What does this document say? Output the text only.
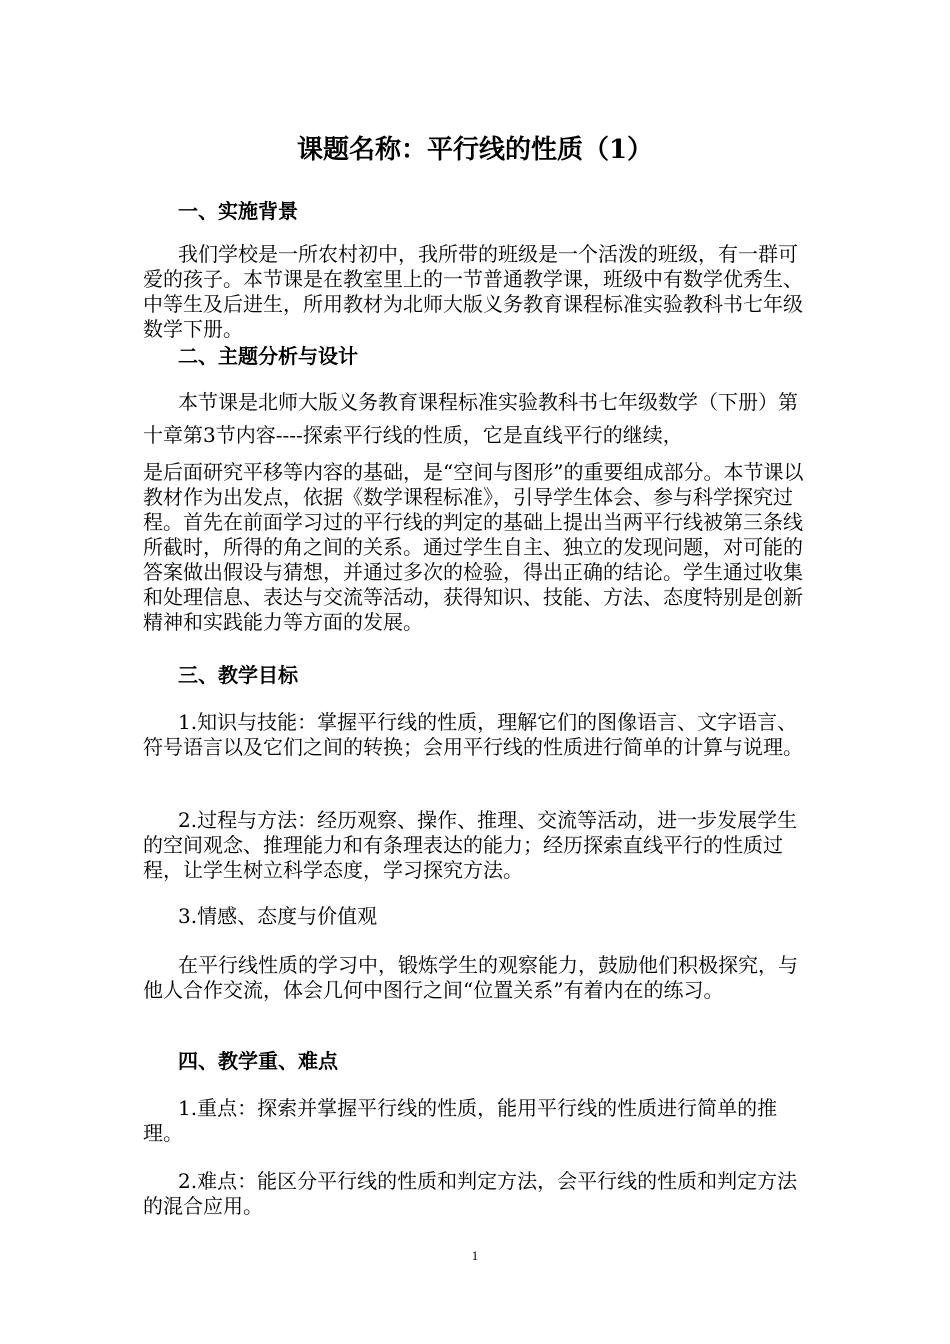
课题名称：平行线的性质（1）
一、实施背景

我们学校是一所农村初中，我所带的班级是一个活泼的班级，有一群可爱的孩子。本节课是在教室里上的一节普通教学课，班级中有数学优秀生、中等生及后进生，所用教材为北师大版义务教育课程标准实验教科书七年级数学下册。

二、主题分析与设计

本节课是北师大版义务教育课程标准实验教科书七年级数学（下册）第十章第3节内容----探索平行线的性质，它是直线平行的继续，

是后面研究平移等内容的基础，是“空间与图形”的重要组成部分。本节课以教材作为出发点，依据《数学课程标准》，引导学生体会、参与科学探究过程。首先在前面学习过的平行线的判定的基础上提出当两平行线被第三条线所截时，所得的角之间的关系。通过学生自主、独立的发现问题，对可能的答案做出假设与猜想，并通过多次的检验，得出正确的结论。学生通过收集和处理信息、表达与交流等活动，获得知识、技能、方法、态度特别是创新精神和实践能力等方面的发展。

三、教学目标

1.知识与技能：掌握平行线的性质，理解它们的图像语言、文字语言、符号语言以及它们之间的转换；会用平行线的性质进行简单的计算与说理。

2.过程与方法：经历观察、操作、推理、交流等活动，进一步发展学生的空间观念、推理能力和有条理表达的能力；经历探索直线平行的性质过程，让学生树立科学态度，学习探究方法。

3.情感、态度与价值观

在平行线性质的学习中，锻炼学生的观察能力，鼓励他们积极探究，与他人合作交流，体会几何中图行之间“位置关系”有着内在的练习。

四、教学重、难点

1.重点：探索并掌握平行线的性质，能用平行线的性质进行简单的推理。

2.难点：能区分平行线的性质和判定方法，会平行线的性质和判定方法的混合应用。

1
